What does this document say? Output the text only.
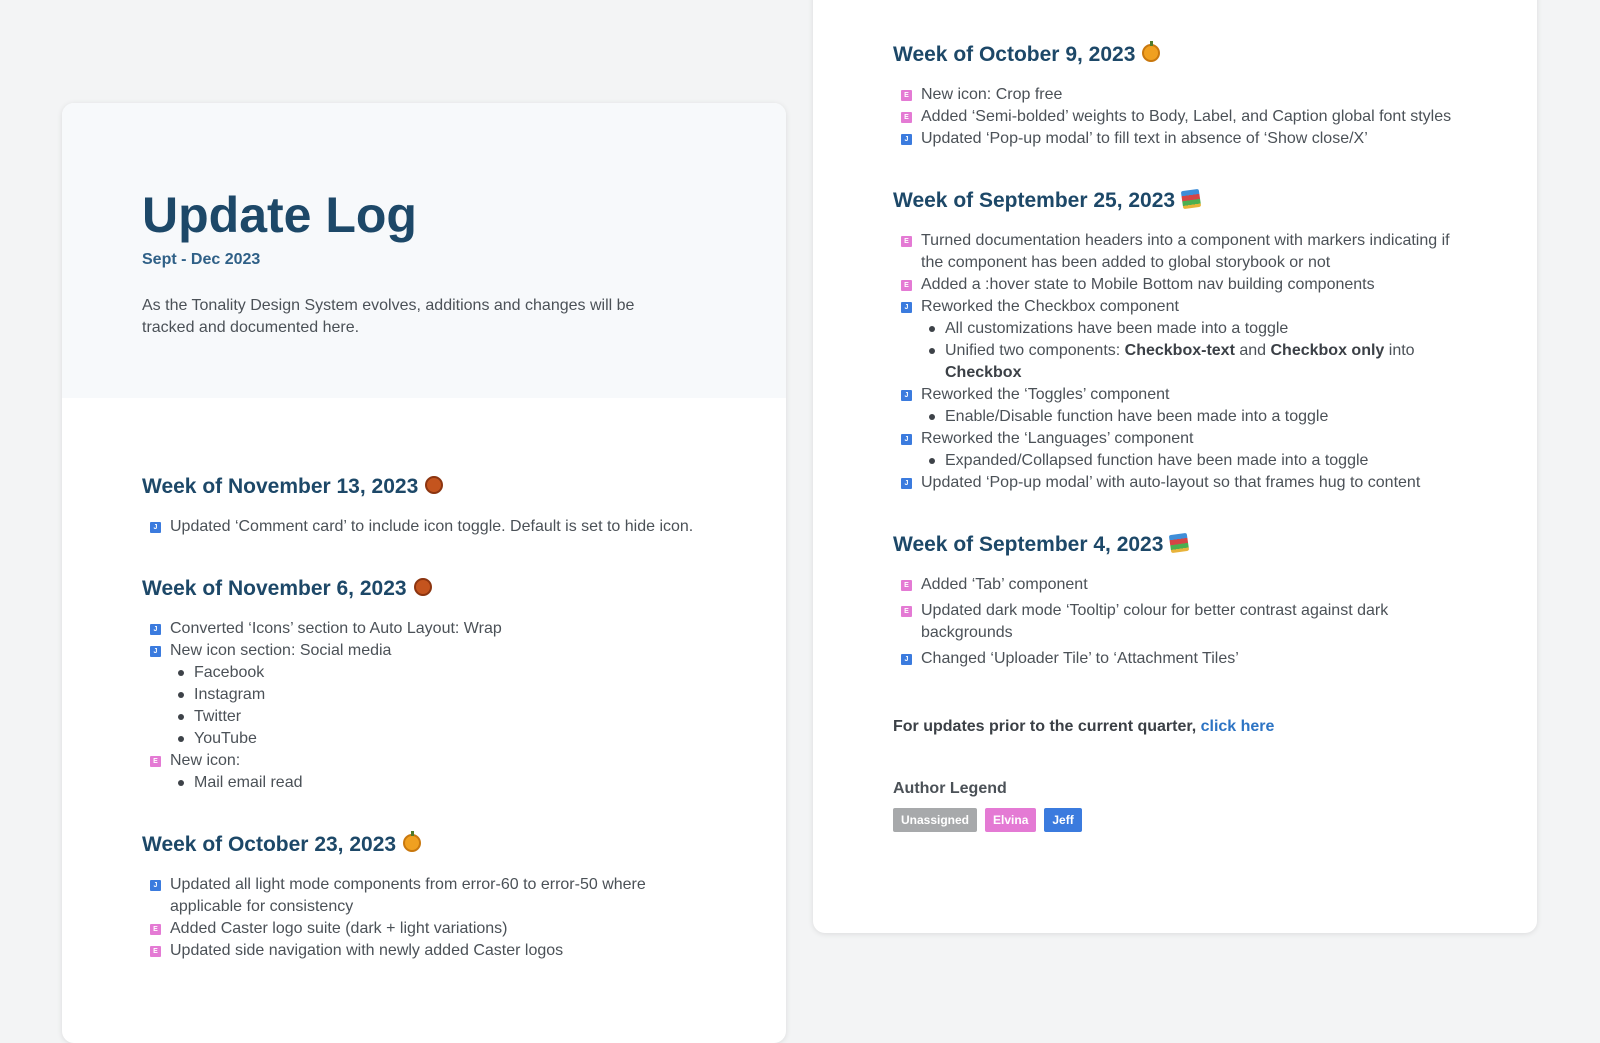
Update Log
Sept - Dec 2023
As the Tonality Design System evolves, additions and changes will be tracked and documented here.
Week of November 13, 2023
J Updated ‘Comment card’ to include icon toggle. Default is set to hide icon.
Week of November 6, 2023
J Converted ‘Icons’ section to Auto Layout: Wrap
J New icon section: Social media
Facebook
Instagram
Twitter
YouTube
E New icon:
Mail email read
Week of October 23, 2023
J Updated all light mode components from error-60 to error-50 where applicable for consistency
E Added Caster logo suite (dark + light variations)
E Updated side navigation with newly added Caster logos
Week of October 9, 2023
E New icon: Crop free
E Added ‘Semi-bolded’ weights to Body, Label, and Caption global font styles
J Updated ‘Pop-up modal’ to fill text in absence of ‘Show close/X’
Week of September 25, 2023
E Turned documentation headers into a component with markers indicating if the component has been added to global storybook or not
E Added a :hover state to Mobile Bottom nav building components
J Reworked the Checkbox component
All customizations have been made into a toggle
Unified two components: Checkbox-text and Checkbox only into Checkbox
J Reworked the ‘Toggles’ component
Enable/Disable function have been made into a toggle
J Reworked the ‘Languages’ component
Expanded/Collapsed function have been made into a toggle
J Updated ‘Pop-up modal’ with auto-layout so that frames hug to content
Week of September 4, 2023
E Added ‘Tab’ component
E Updated dark mode ‘Tooltip’ colour for better contrast against dark backgrounds
J Changed ‘Uploader Tile’ to ‘Attachment Tiles’
For updates prior to the current quarter, click here
Author Legend
Unassigned	Elvina	Jeff
